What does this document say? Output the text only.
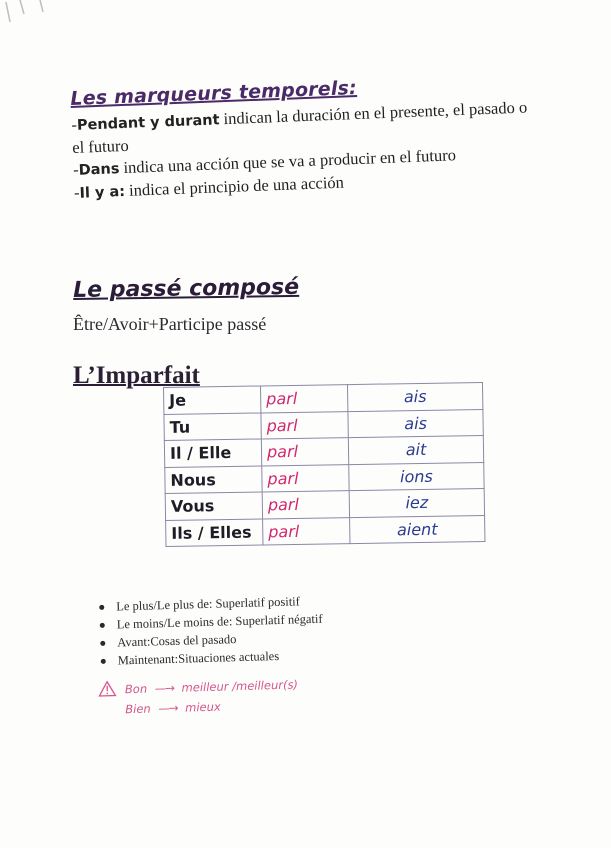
Les marqueurs temporels:
-Pendant y durant indican la duración en el presente, el pasado o
el futuro
-Dans indica una acción que se va a producir en el futuro
-Il y a: indica el principio de una acción
Le passé composé
Être/Avoir+Participe passé
L’Imparfait
Je	parl	ais
Tu	parl	ais
Il / Elle	parl	ait
Nous	parl	ions
Vous	parl	iez
Ils / Elles	parl	aient
Le plus/Le plus de: Superlatif positif
Le moins/Le moins de: Superlatif négatif
Avant:Cosas del pasado
Maintenant:Situaciones actuales
Bon —→ meilleur /meilleur(s)
Bien —→ mieux
